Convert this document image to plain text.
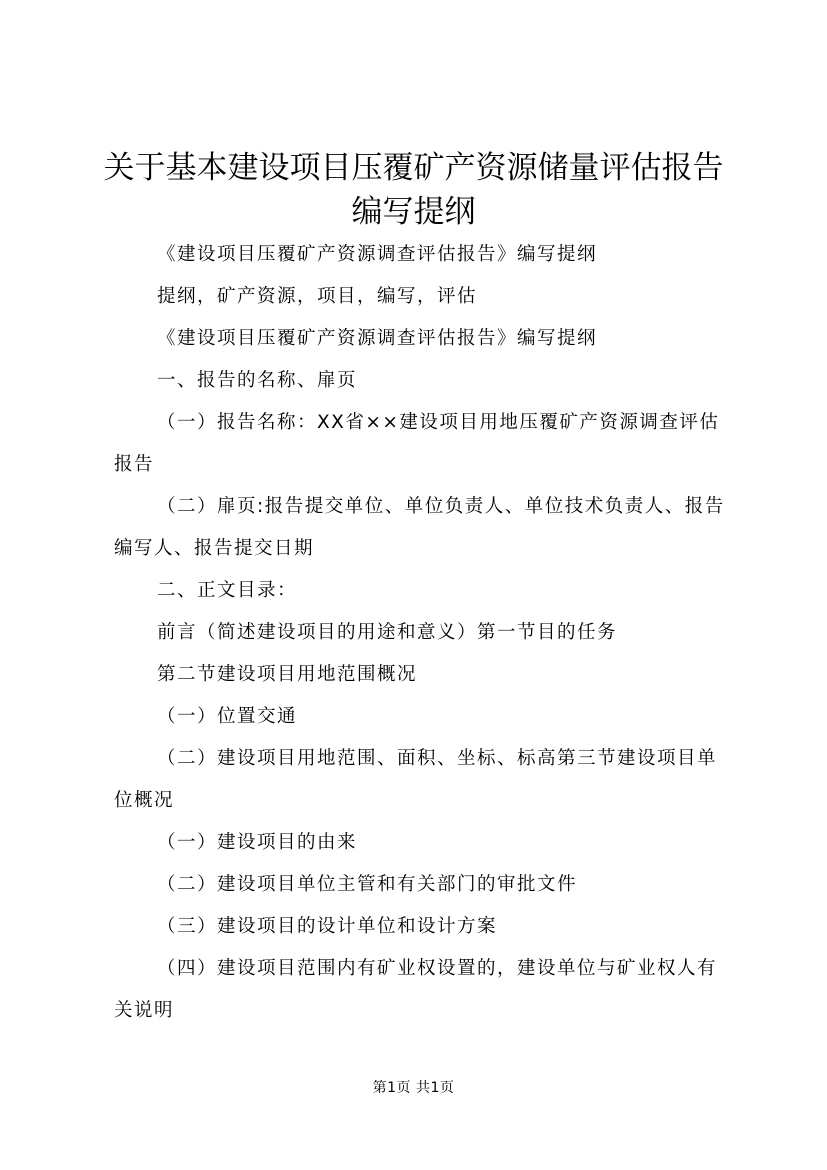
关于基本建设项目压覆矿产资源储量评估报告
编写提纲
《建设项目压覆矿产资源调查评估报告》编写提纲
提纲，矿产资源，项目，编写，评估
《建设项目压覆矿产资源调查评估报告》编写提纲
一、报告的名称、扉页
（一）报告名称：XX省××建设项目用地压覆矿产资源调查评估报告
（二）扉页:报告提交单位、单位负责人、单位技术负责人、报告编写人、报告提交日期
二、正文目录：
前言（简述建设项目的用途和意义）第一节目的任务
第二节建设项目用地范围概况
（一）位置交通
（二）建设项目用地范围、面积、坐标、标高第三节建设项目单位概况
（一）建设项目的由来
（二）建设项目单位主管和有关部门的审批文件
（三）建设项目的设计单位和设计方案
（四）建设项目范围内有矿业权设置的，建设单位与矿业权人有关说明
第1页 共1页
